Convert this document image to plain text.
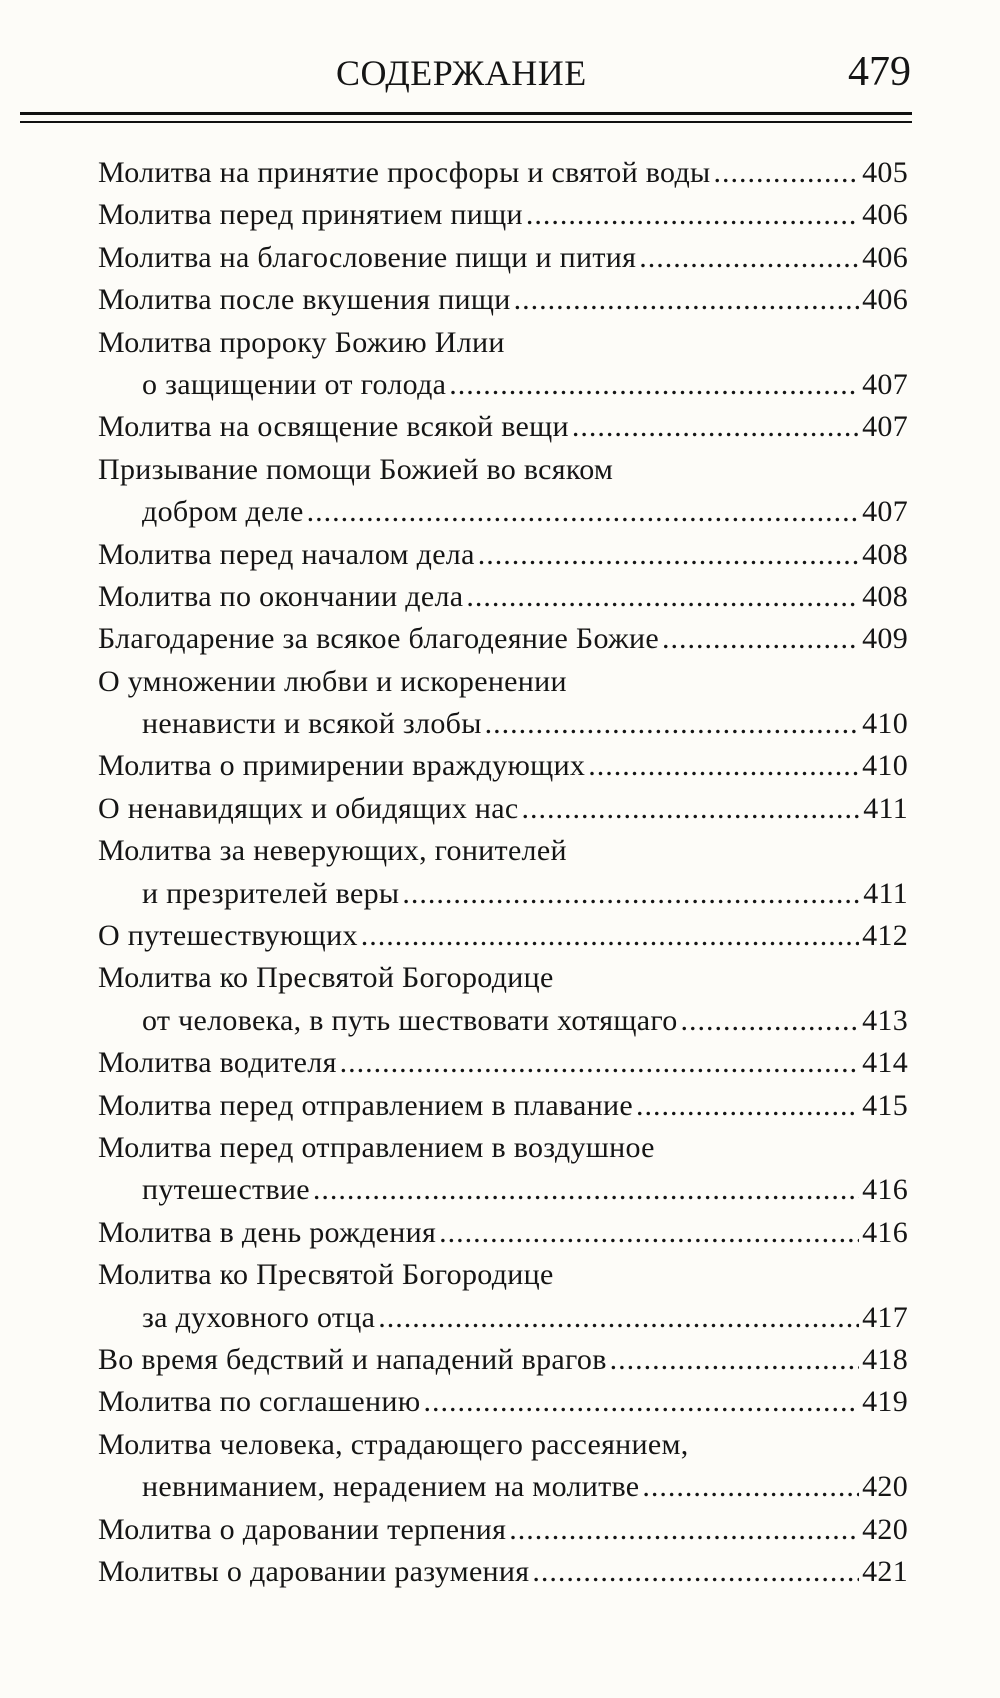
СОДЕРЖАНИЕ	479
Молитва на принятие просфоры и святой воды .....	405
Молитва перед принятием пищи .....	406
Молитва на благословение пищи и пития .....	406
Молитва после вкушения пищи .....	406
Молитва пророку Божию Илии
о защищении от голода .....	407
Молитва на освящение всякой вещи .....	407
Призывание помощи Божией во всяком
добром деле .....	407
Молитва перед началом дела .....	408
Молитва по окончании дела .....	408
Благодарение за всякое благодеяние Божие .....	409
О умножении любви и искоренении
ненависти и всякой злобы .....	410
Молитва о примирении враждующих .....	410
О ненавидящих и обидящих нас .....	411
Молитва за неверующих, гонителей
и презрителей веры .....	411
О путешествующих .....	412
Молитва ко Пресвятой Богородице
от человека, в путь шествовати хотящаго .....	413
Молитва водителя .....	414
Молитва перед отправлением в плавание .....	415
Молитва перед отправлением в воздушное
путешествие .....	416
Молитва в день рождения .....	416
Молитва ко Пресвятой Богородице
за духовного отца .....	417
Во время бедствий и нападений врагов .....	418
Молитва по соглашению .....	419
Молитва человека, страдающего рассеянием,
невниманием, нерадением на молитве .....	420
Молитва о даровании терпения .....	420
Молитвы о даровании разумения .....	421
